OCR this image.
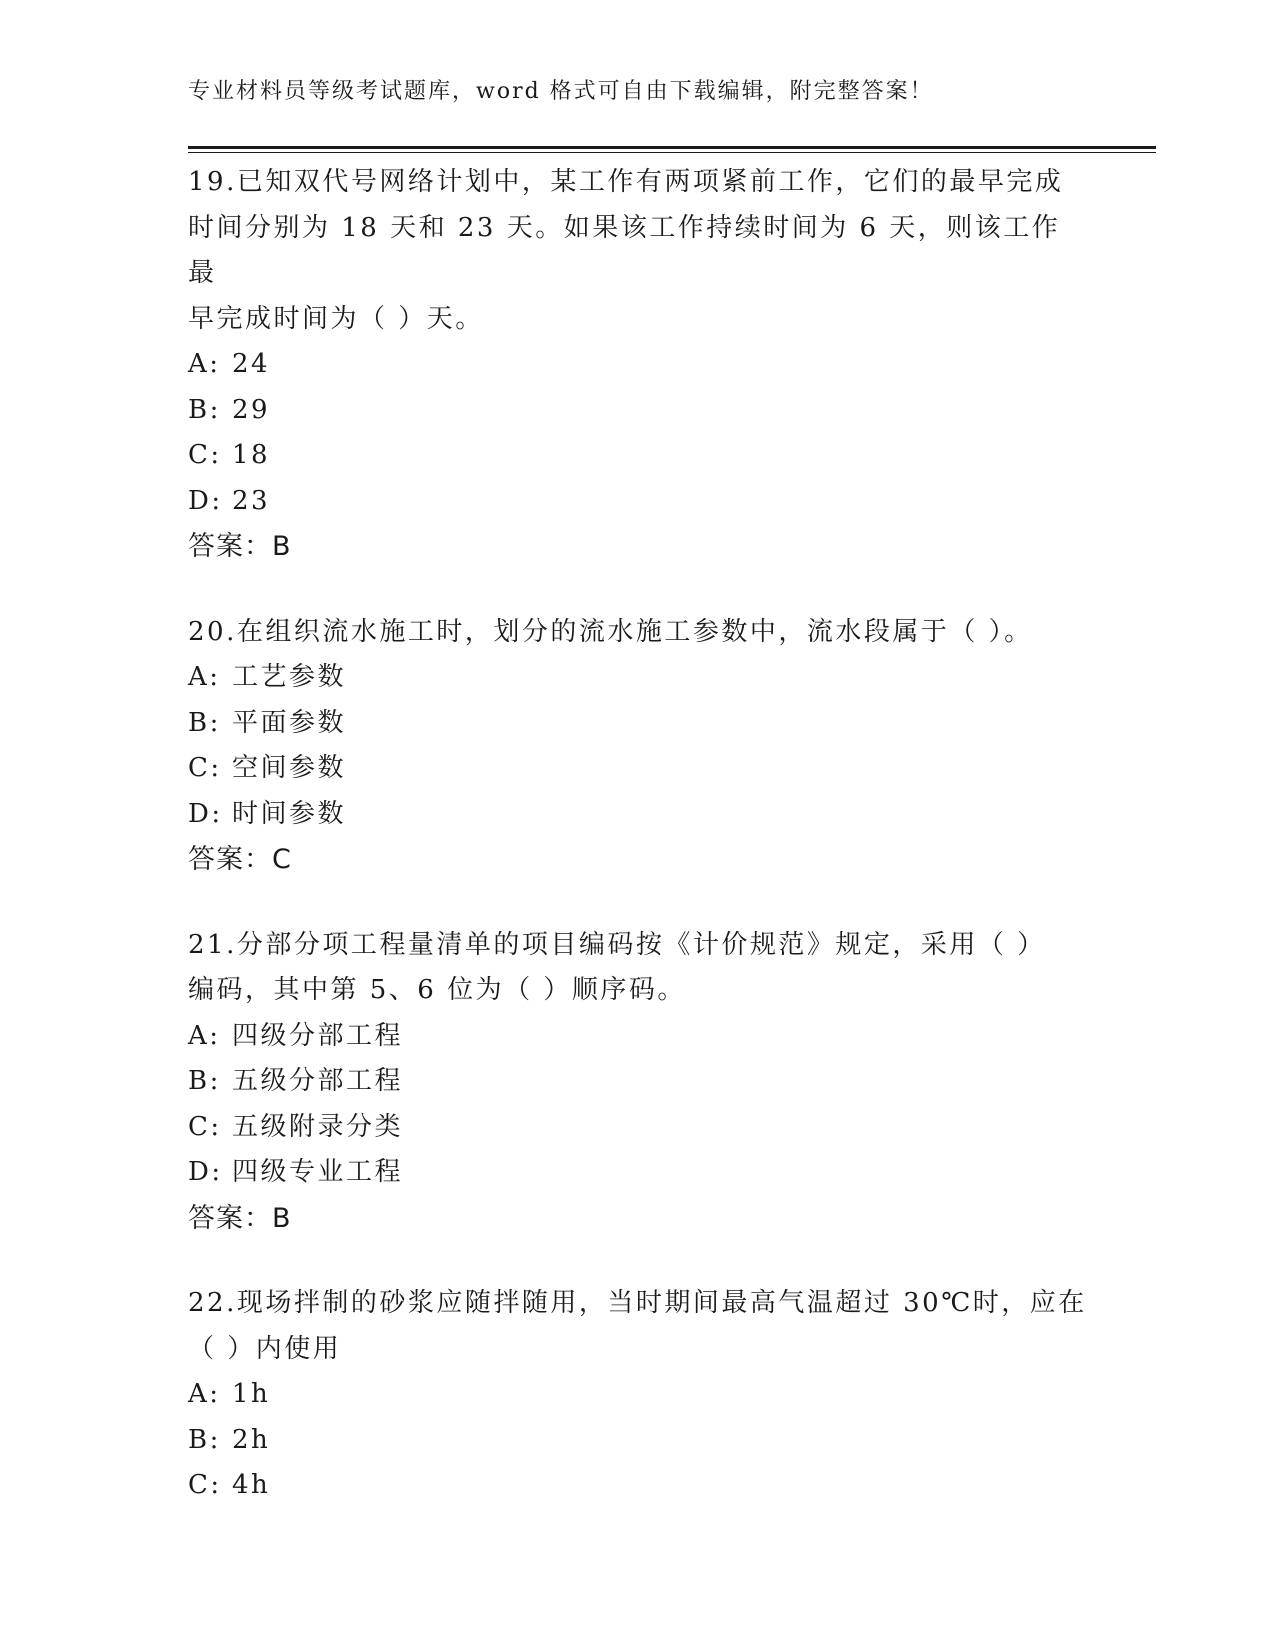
专业材料员等级考试题库，word 格式可自由下载编辑，附完整答案！

19.已知双代号网络计划中，某工作有两项紧前工作，它们的最早完成

时间分别为 18 天和 23 天。如果该工作持续时间为 6 天，则该工作最

早完成时间为（ ）天。

A: 24

B: 29

C: 18

D: 23

答案：B

20.在组织流水施工时，划分的流水施工参数中，流水段属于（ ）。

A: 工艺参数

B: 平面参数

C: 空间参数

D: 时间参数

答案：C

21.分部分项工程量清单的项目编码按《计价规范》规定，采用（ ）

编码，其中第 5、6 位为（ ）顺序码。

A: 四级分部工程

B: 五级分部工程

C: 五级附录分类

D: 四级专业工程

答案：B

22.现场拌制的砂浆应随拌随用，当时期间最高气温超过 30℃时，应在

（ ）内使用

A: 1h

B: 2h

C: 4h
